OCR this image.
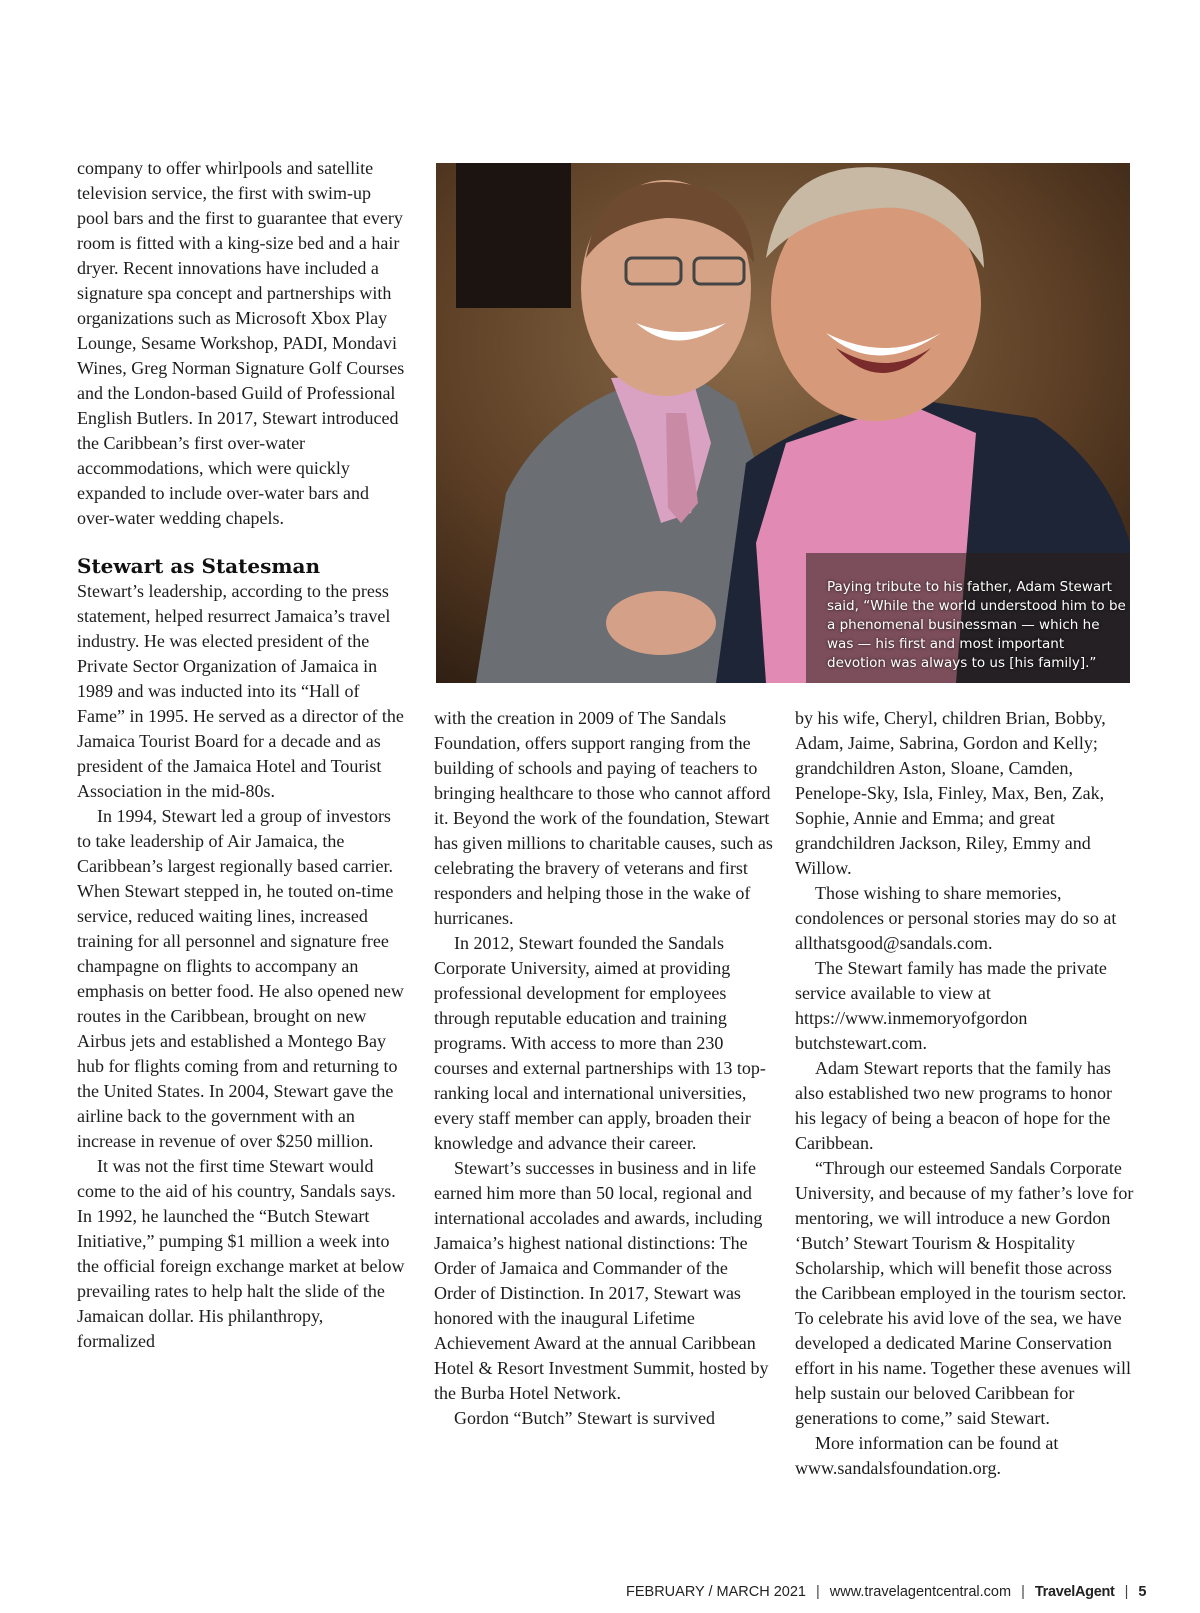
company to offer whirlpools and satellite television service, the first with swim-up pool bars and the first to guarantee that every room is fitted with a king-size bed and a hair dryer. Recent innovations have included a signature spa concept and partnerships with organizations such as Microsoft Xbox Play Lounge, Sesame Workshop, PADI, Mondavi Wines, Greg Norman Signature Golf Courses and the London-based Guild of Professional English Butlers. In 2017, Stewart introduced the Caribbean’s first over-water accommodations, which were quickly expanded to include over-water bars and over-water wedding chapels.

Stewart as Statesman

Stewart’s leadership, according to the press statement, helped resurrect Jamaica’s travel industry. He was elected president of the Private Sector Organization of Jamaica in 1989 and was inducted into its “Hall of Fame” in 1995. He served as a director of the Jamaica Tourist Board for a decade and as president of the Jamaica Hotel and Tourist Association in the mid-80s.

In 1994, Stewart led a group of investors to take leadership of Air Jamaica, the Caribbean’s largest regionally based carrier. When Stewart stepped in, he touted on-time service, reduced waiting lines, increased training for all personnel and signature free champagne on flights to accompany an emphasis on better food. He also opened new routes in the Caribbean, brought on new Airbus jets and established a Montego Bay hub for flights coming from and returning to the United States. In 2004, Stewart gave the airline back to the government with an increase in revenue of over $250 million.

It was not the first time Stewart would come to the aid of his country, Sandals says. In 1992, he launched the “Butch Stewart Initiative,” pumping $1 million a week into the official foreign exchange market at below prevailing rates to help halt the slide of the Jamaican dollar. His philanthropy, formalized

Paying tribute to his father, Adam Stewart said, “While the world understood him to be a phenomenal businessman — which he was — his first and most important devotion was always to us [his family].”

with the creation in 2009 of The Sandals Foundation, offers support ranging from the building of schools and paying of teachers to bringing healthcare to those who cannot afford it. Beyond the work of the foundation, Stewart has given millions to charitable causes, such as celebrating the bravery of veterans and first responders and helping those in the wake of hurricanes.

In 2012, Stewart founded the Sandals Corporate University, aimed at providing professional development for employees through reputable education and training programs. With access to more than 230 courses and external partnerships with 13 top-ranking local and international universities, every staff member can apply, broaden their knowledge and advance their career.

Stewart’s successes in business and in life earned him more than 50 local, regional and international accolades and awards, including Jamaica’s highest national distinctions: The Order of Jamaica and Commander of the Order of Distinction. In 2017, Stewart was honored with the inaugural Lifetime Achievement Award at the annual Caribbean Hotel & Resort Investment Summit, hosted by the Burba Hotel Network.

Gordon “Butch” Stewart is survived

by his wife, Cheryl, children Brian, Bobby, Adam, Jaime, Sabrina, Gordon and Kelly; grandchildren Aston, Sloane, Camden, Penelope-Sky, Isla, Finley, Max, Ben, Zak, Sophie, Annie and Emma; and great grandchildren Jackson, Riley, Emmy and Willow.

Those wishing to share memories, condolences or personal stories may do so at allthatsgood@sandals.com.

The Stewart family has made the private service available to view at https://www.inmemoryofgordon butchstewart.com.

Adam Stewart reports that the family has also established two new programs to honor his legacy of being a beacon of hope for the Caribbean.

“Through our esteemed Sandals Corporate University, and because of my father’s love for mentoring, we will introduce a new Gordon ‘Butch’ Stewart Tourism & Hospitality Scholarship, which will benefit those across the Caribbean employed in the tourism sector. To celebrate his avid love of the sea, we have developed a dedicated Marine Conservation effort in his name. Together these avenues will help sustain our beloved Caribbean for generations to come,” said Stewart.

More information can be found at www.sandalsfoundation.org.

FEBRUARY / MARCH 2021 | www.travelagentcentral.com | TravelAgent | 5
